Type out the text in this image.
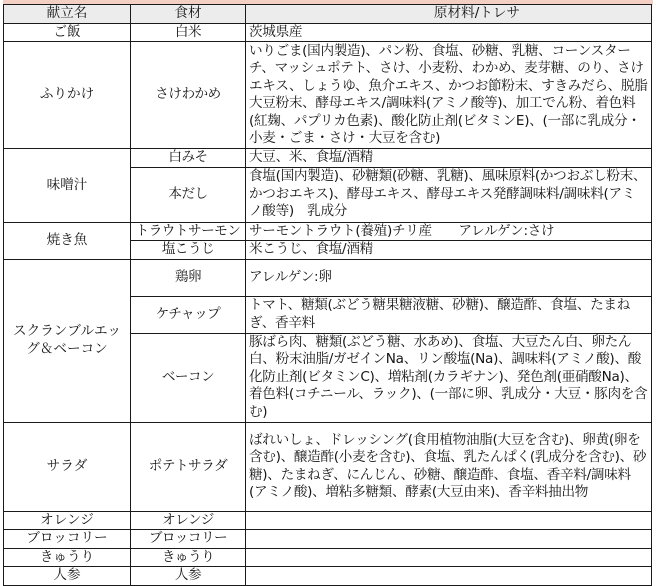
献立名	食材	原材料/トレサ
ご飯	白米	茨城県産
ふりかけ	さけわかめ	いりごま(国内製造)、パン粉、食塩、砂糖、乳糖、コーンスターチ、マッシュポテト、さけ、小麦粉、わかめ、麦芽糖、のり、さけエキス、しょうゆ、魚介エキス、かつお節粉末、すきみだら、脱脂大豆粉末、酵母エキス/調味料(アミノ酸等)、加工でん粉、着色料(紅麹、パプリカ色素)、酸化防止剤(ビタミンE)、(一部に乳成分・小麦・ごま・さけ・大豆を含む)
味噌汁	白みそ	大豆、米、食塩/酒精
	本だし	食塩(国内製造)、砂糖類(砂糖、乳糖)、風味原料(かつおぶし粉末、かつおエキス)、酵母エキス、酵母エキス発酵調味料/調味料(アミノ酸等)　乳成分
焼き魚	トラウトサーモン	サーモントラウト(養殖)チリ産　　アレルゲン:さけ
	塩こうじ	米こうじ、食塩/酒精
スクランブルエッグ＆ベーコン	鶏卵	アレルゲン:卵
	ケチャップ	トマト、糖類(ぶどう糖果糖液糖、砂糖)、醸造酢、食塩、たまねぎ、香辛料
	ベーコン	豚ばら肉、糖類(ぶどう糖、水あめ)、食塩、大豆たん白、卵たん白、粉末油脂/ガゼインNa、リン酸塩(Na)、調味料(アミノ酸)、酸化防止剤(ビタミンC)、増粘剤(カラギナン)、発色剤(亜硝酸Na)、着色料(コチニール、ラック)、(一部に卵、乳成分・大豆・豚肉を含む)
サラダ	ポテトサラダ	ばれいしょ、ドレッシング(食用植物油脂(大豆を含む)、卵黄(卵を含む)、醸造酢(小麦を含む)、食塩、乳たんぱく(乳成分を含む)、砂糖)、たまねぎ、にんじん、砂糖、醸造酢、食塩、香辛料/調味料(アミノ酸)、増粘多糖類、酵素(大豆由来)、香辛料抽出物
オレンジ	オレンジ	
ブロッコリー	ブロッコリー	
きゅうり	きゅうり	
人参	人参	
